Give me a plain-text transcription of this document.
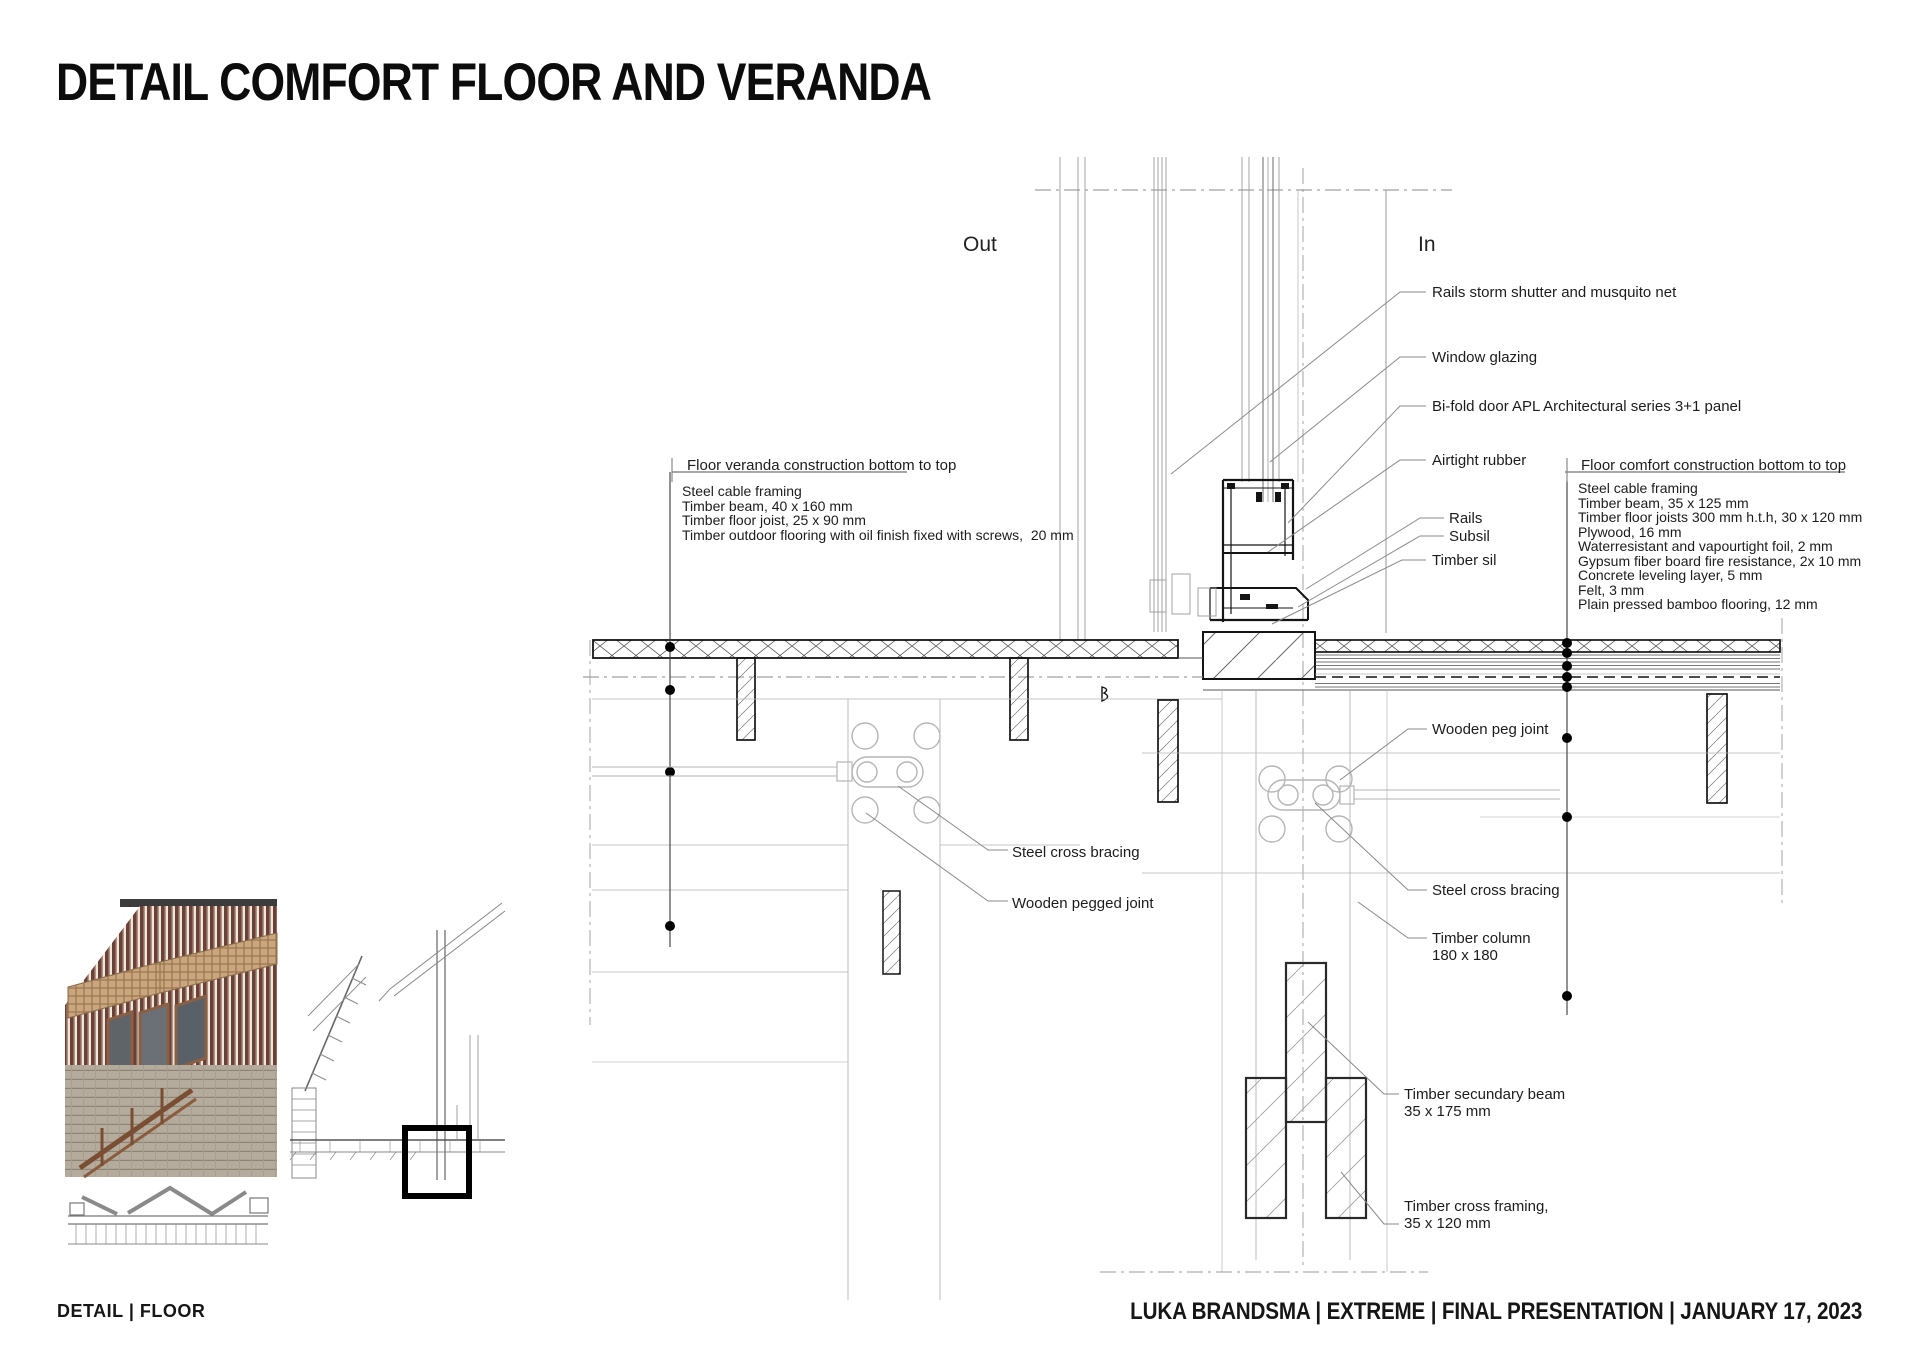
DETAIL COMFORT FLOOR AND VERANDA
Out	In
Rails storm shutter and musquito net
Window glazing
Bi-fold door APL Architectural series 3+1 panel
Airtight rubber
Rails
Subsil
Timber sil
Floor veranda construction bottom to top
Steel cable framing
Timber beam, 40 x 160 mm
Timber floor joist, 25 x 90 mm
Timber outdoor flooring with oil finish fixed with screws,  20 mm
Floor comfort construction bottom to top
Steel cable framing
Timber beam, 35 x 125 mm
Timber floor joists 300 mm h.t.h, 30 x 120 mm
Plywood, 16 mm
Waterresistant and vapourtight foil, 2 mm
Gypsum fiber board fire resistance, 2x 10 mm
Concrete leveling layer, 5 mm
Felt, 3 mm
Plain pressed bamboo flooring, 12 mm
Wooden peg joint
Steel cross bracing
Timber column
180 x 180
Timber secundary beam
35 x 175 mm
Timber cross framing,
35 x 120 mm
Steel cross bracing
Wooden pegged joint
DETAIL | FLOOR	LUKA BRANDSMA | EXTREME | FINAL PRESENTATION | JANUARY 17, 2023
